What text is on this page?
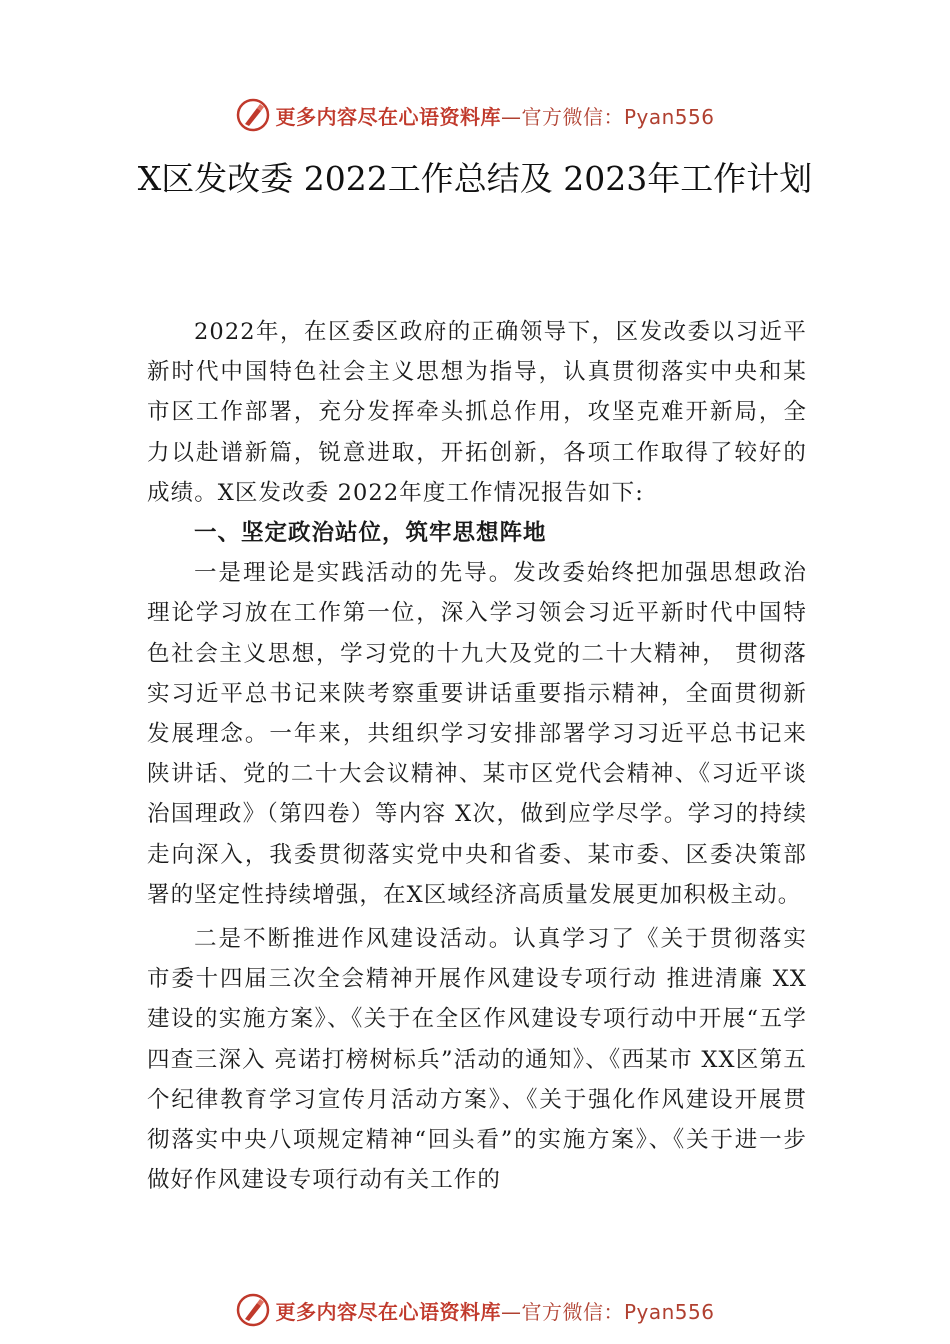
更多内容尽在心语资料库—官方微信：Pyan556
X区发改委 2022工作总结及 2023年工作计划

2022年，在区委区政府的正确领导下，区发改委以习近平新时代中国特色社会主义思想为指导，认真贯彻落实中央和某市区工作部署，充分发挥牵头抓总作用，攻坚克难开新局，全力以赴谱新篇，锐意进取，开拓创新，各项工作取得了较好的成绩。X区发改委 2022年度工作情况报告如下:

一、坚定政治站位，筑牢思想阵地

一是理论是实践活动的先导。发改委始终把加强思想政治理论学习放在工作第一位，深入学习领会习近平新时代中国特色社会主义思想，学习党的十九大及党的二十大精神， 贯彻落实习近平总书记来陕考察重要讲话重要指示精神，全面贯彻新发展理念。一年来，共组织学习安排部署学习习近平总书记来陕讲话、党的二十大会议精神、某市区党代会精神、《习近平谈治国理政》（第四卷）等内容 X次，做到应学尽学。学习的持续走向深入，我委贯彻落实党中央和省委、某市委、区委决策部署的坚定性持续增强，在X区域经济高质量发展更加积极主动。

二是不断推进作风建设活动。认真学习了《关于贯彻落实市委十四届三次全会精神开展作风建设专项行动 推进清廉 XX建设的实施方案》、《关于在全区作风建设专项行动中开展“五学四查三深入 亮诺打榜树标兵”活动的通知》、《西某市 XX区第五个纪律教育学习宣传月活动方案》、《关于强化作风建设开展贯彻落实中央八项规定精神“回头看”的实施方案》、《关于进一步做好作风建设专项行动有关工作的

更多内容尽在心语资料库—官方微信：Pyan556
